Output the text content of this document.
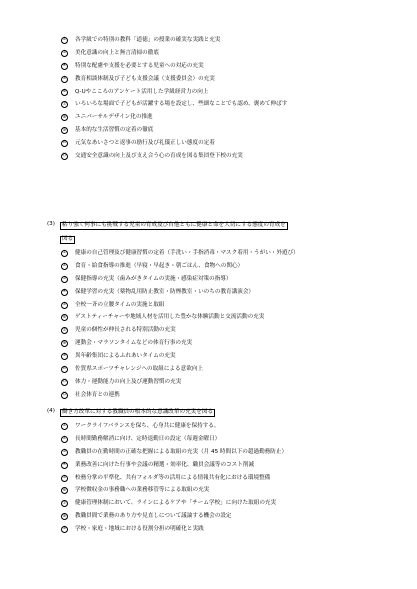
② 各学級での特別の教科「道徳」の授業の確実な実践と充実
③ 美化意識の向上と無言清掃の徹底
④ 特別な配慮や支援を必要とする児童への対応の充実
⑤ 教育相談体制及び子ども支援会議（支援委員会）の充実
⑥ Q-Uやこころのアンケート活用した学級経営力の向上
⑦ いろいろな場面で子どもが活躍する場を設定し、些細なことでも認め、褒めて伸ばす
⑧ ユニバーサルデザイン化の推進
⑨ 基本的な生活習慣の定着の徹底
⑩ 元気なあいさつと返事の励行及び礼儀正しい態度の定着
⑪ 交通安全意識の向上及び支え合う心の育成を図る集団登下校の充実
(3)	粘り強く何事にも挑戦する児童の育成及び自他ともに健康と命を大切にする態度の育成を
図る
① 健康の自己管理及び健康習慣の定着（手洗い・手指消毒・マスク着用・うがい・外遊び）
② 食育・給食指導の推進（早寝・早起き・朝ごはん、食物への関心）
③ 保健指導の充実（歯みがきタイムの実施・感染症対策の指導）
④ 保健学習の充実（薬物乱用防止教室・防煙教室・いのちの教育講演会）
⑤ 全校一斉の立腰タイムの実施と取組
⑥ ゲストティーチャーや地域人材を活用した豊かな体験活動と交流活動の充実
⑦ 児童の個性が伸長される特別活動の充実
⑧ 運動会・マラソンタイムなどの体育行事の充実
⑨ 異年齢集団によるふれあいタイムの充実
⑩ 佐賀県スポーツチャレンジへの取組による意欲向上
⑪ 体力・運動能力の向上及び運動習慣の充実
⑫ 社会体育との連携
(4)	働き方改革に対する教職員の根本的な意識改革の充実を図る
① ワークライフバランスを保ち、心身共に健康を保持する。
② 長時間勤務解消に向け、定時退勤日の設定（毎週金曜日）
③ 教職員の在勤時間の正確な把握による取組の充実（月 45 時間以下の超過勤務防止）
④ 業務改善に向けた行事や会議の精選・効率化、職員会議等のコスト削減
⑤ 校務分掌の平準化、共有フォルダ等の活用による情報共有化における環境整備
⑥ 学校徴収金の事務職への業務移管等による取組の充実
⑦ 健康管理体制において、ラインによるケアや「チーム学校」に向けた取組の充実
⑧ 教職員間で業務のあり方や見直しについて議論する機会の設定
⑨ 学校・家庭・地域における役割分担の明確化と実践
